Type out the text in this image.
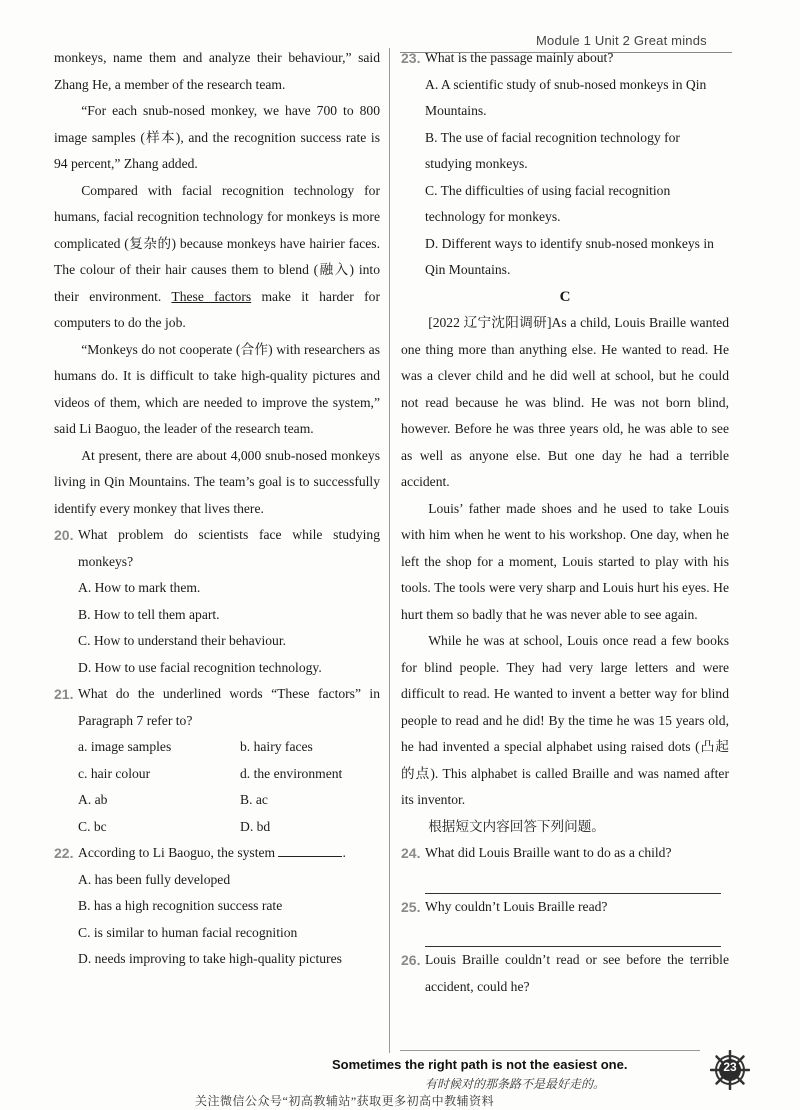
Module 1 Unit 2 Great minds

monkeys, name them and analyze their behaviour,” said Zhang He, a member of the research team.

“For each snub-nosed monkey, we have 700 to 800 image samples (样本), and the recognition success rate is 94 percent,” Zhang added.

Compared with facial recognition technology for humans, facial recognition technology for monkeys is more complicated (复杂的) because monkeys have hairier faces. The colour of their hair causes them to blend (融入) into their environment. These factors make it harder for computers to do the job.

“Monkeys do not cooperate (合作) with researchers as humans do. It is difficult to take high-quality pictures and videos of them, which are needed to improve the system,” said Li Baoguo, the leader of the research team.

At present, there are about 4,000 snub-nosed monkeys living in Qin Mountains. The team’s goal is to successfully identify every monkey that lives there.

20. What problem do scientists face while studying monkeys?
A. How to mark them.
B. How to tell them apart.
C. How to understand their behaviour.
D. How to use facial recognition technology.
21. What do the underlined words “These factors” in Paragraph 7 refer to?
a. image samples	b. hairy faces
c. hair colour	d. the environment
A. ab	B. ac
C. bc	D. bd
22. According to Li Baoguo, the system	.
A. has been fully developed
B. has a high recognition success rate
C. is similar to human facial recognition
D. needs improving to take high-quality pictures
23. What is the passage mainly about?
A. A scientific study of snub-nosed monkeys in Qin Mountains.
B. The use of facial recognition technology for studying monkeys.
C. The difficulties of using facial recognition technology for monkeys.
D. Different ways to identify snub-nosed monkeys in Qin Mountains.
C

[2022 辽宁沈阳调研]As a child, Louis Braille wanted one thing more than anything else. He wanted to read. He was a clever child and he did well at school, but he could not read because he was blind. He was not born blind, however. Before he was three years old, he was able to see as well as anyone else. But one day he had a terrible accident.

Louis’ father made shoes and he used to take Louis with him when he went to his workshop. One day, when he left the shop for a moment, Louis started to play with his tools. The tools were very sharp and Louis hurt his eyes. He hurt them so badly that he was never able to see again.

While he was at school, Louis once read a few books for blind people. They had very large letters and were difficult to read. He wanted to invent a better way for blind people to read and he did! By the time he was 15 years old, he had invented a special alphabet using raised dots (凸起的点). This alphabet is called Braille and was named after its inventor.

根据短文内容回答下列问题。

24. What did Louis Braille want to do as a child?
25. Why couldn’t Louis Braille read?
26. Louis Braille couldn’t read or see before the terrible accident, could he?
Sometimes the right path is not the easiest one.
有时候对的那条路不是最好走的。
23
关注微信公众号“初高教辅站”获取更多初高中教辅资料
